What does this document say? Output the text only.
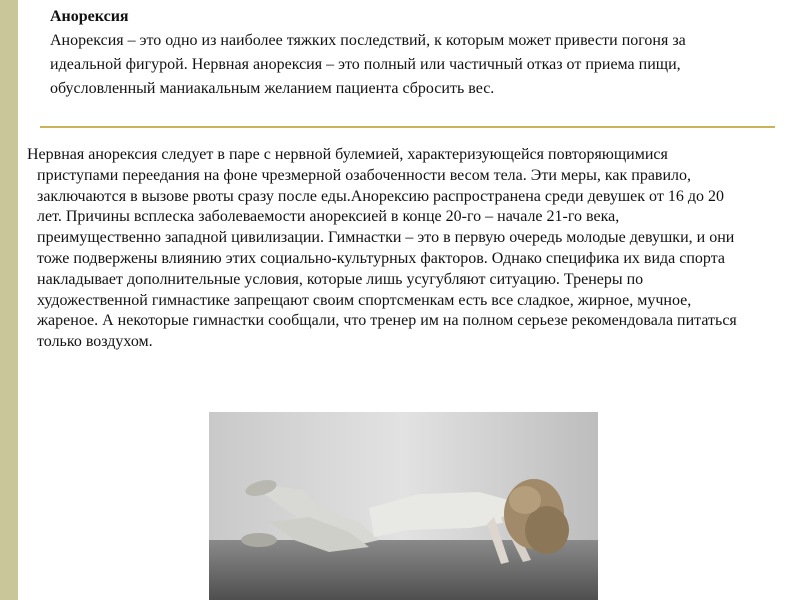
Анорексия

Анорексия – это одно из наиболее тяжких последствий, к которым может привести погоня за идеальной фигурой. Нервная анорексия – это полный или частичный отказ от приема пищи, обусловленный маниакальным желанием пациента сбросить вес.

Нервная анорексия следует в паре с нервной булемией, характеризующейся повторяющимися приступами переедания на фоне чрезмерной озабоченности весом тела. Эти меры, как правило, заключаются в вызове рвоты сразу после еды.Анорексию распространена среди девушек от 16 до 20 лет. Причины всплеска заболеваемости анорексией в конце 20-го – начале 21-го века, преимущественно западной цивилизации. Гимнастки – это в первую очередь молодые девушки, и они тоже подвержены влиянию этих социально-культурных факторов. Однако специфика их вида спорта накладывает дополнительные условия, которые лишь усугубляют ситуацию. Тренеры по художественной гимнастике запрещают своим спортсменкам есть все сладкое, жирное, мучное, жареное. А некоторые гимнастки сообщали, что тренер им на полном серьезе рекомендовала питаться только воздухом.
